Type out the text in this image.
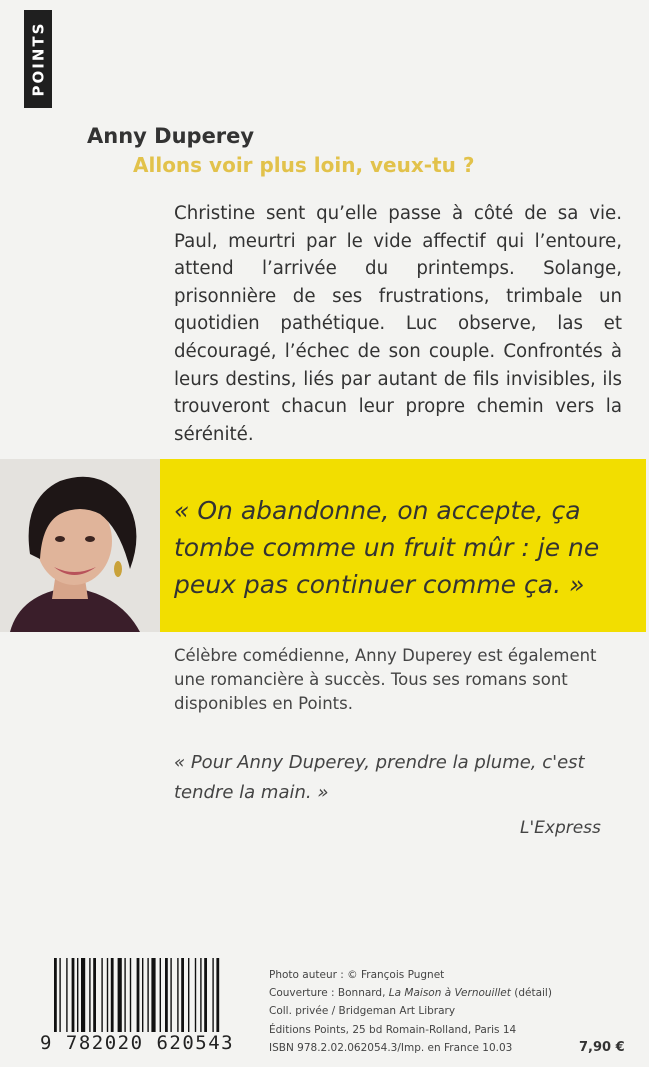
POINTS
Anny Duperey
Allons voir plus loin, veux-tu ?
Christine sent qu’elle passe à côté de sa vie. Paul, meurtri par le vide affectif qui l’entoure, attend l’arrivée du printemps. Solange, prisonnière de ses frustrations, trimbale un quotidien pathétique. Luc observe, las et découragé, l’échec de son couple. Confrontés à leurs destins, liés par autant de fils invisibles, ils trouveront chacun leur propre chemin vers la sérénité.
« On abandonne, on accepte, ça tombe comme un fruit mûr : je ne peux pas continuer comme ça. »
Célèbre comédienne, Anny Duperey est également une romancière à succès. Tous ses romans sont disponibles en Points.
« Pour Anny Duperey, prendre la plume, c'est tendre la main. »
L'Express
9 782020 620543
Photo auteur : © François Pugnet
Couverture : Bonnard, La Maison à Vernouillet (détail)
Coll. privée / Bridgeman Art Library
Éditions Points, 25 bd Romain-Rolland, Paris 14
ISBN 978.2.02.062054.3/Imp. en France 10.03	7,90 €
